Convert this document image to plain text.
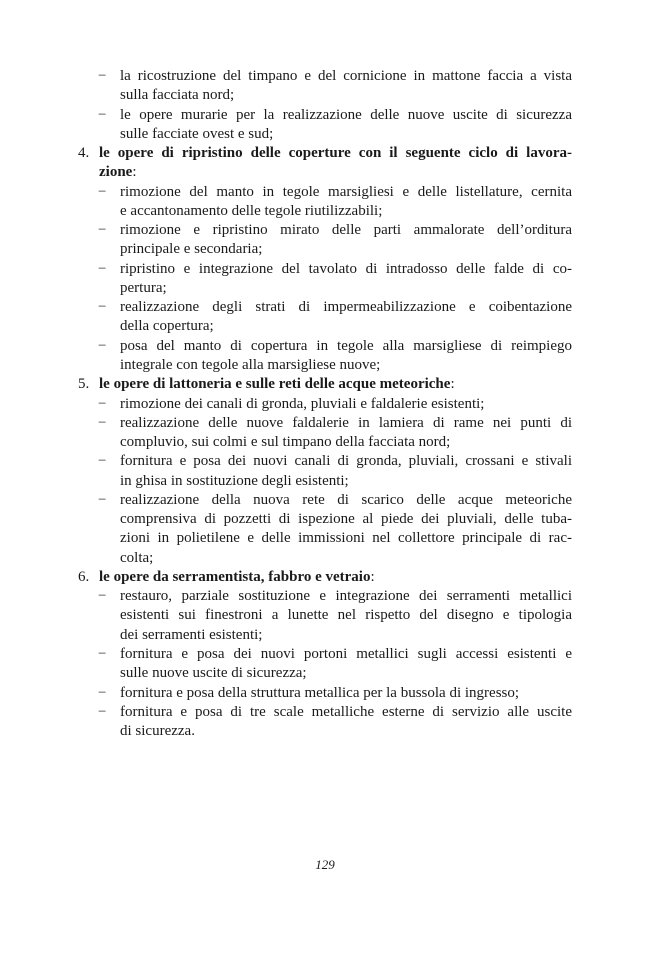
− la ricostruzione del timpano e del cornicione in mattone faccia a vista
sulla facciata nord;
− le opere murarie per la realizzazione delle nuove uscite di sicurezza
sulle facciate ovest e sud;
4. le opere di ripristino delle coperture con il seguente ciclo di lavora-
zione:
− rimozione del manto in tegole marsigliesi e delle listellature, cernita
e accantonamento delle tegole riutilizzabili;
− rimozione e ripristino mirato delle parti ammalorate dell’orditura
principale e secondaria;
− ripristino e integrazione del tavolato di intradosso delle falde di co-
pertura;
− realizzazione degli strati di impermeabilizzazione e coibentazione
della copertura;
− posa del manto di copertura in tegole alla marsigliese di reimpiego
integrale con tegole alla marsigliese nuove;
5. le opere di lattoneria e sulle reti delle acque meteoriche:
− rimozione dei canali di gronda, pluviali e faldalerie esistenti;
− realizzazione delle nuove faldalerie in lamiera di rame nei punti di
compluvio, sui colmi e sul timpano della facciata nord;
− fornitura e posa dei nuovi canali di gronda, pluviali, crossani e stivali
in ghisa in sostituzione degli esistenti;
− realizzazione della nuova rete di scarico delle acque meteoriche
comprensiva di pozzetti di ispezione al piede dei pluviali, delle tuba-
zioni in polietilene e delle immissioni nel collettore principale di rac-
colta;
6. le opere da serramentista, fabbro e vetraio:
− restauro, parziale sostituzione e integrazione dei serramenti metallici
esistenti sui finestroni a lunette nel rispetto del disegno e tipologia
dei serramenti esistenti;
− fornitura e posa dei nuovi portoni metallici sugli accessi esistenti e
sulle nuove uscite di sicurezza;
− fornitura e posa della struttura metallica per la bussola di ingresso;
− fornitura e posa di tre scale metalliche esterne di servizio alle uscite
di sicurezza.
129
